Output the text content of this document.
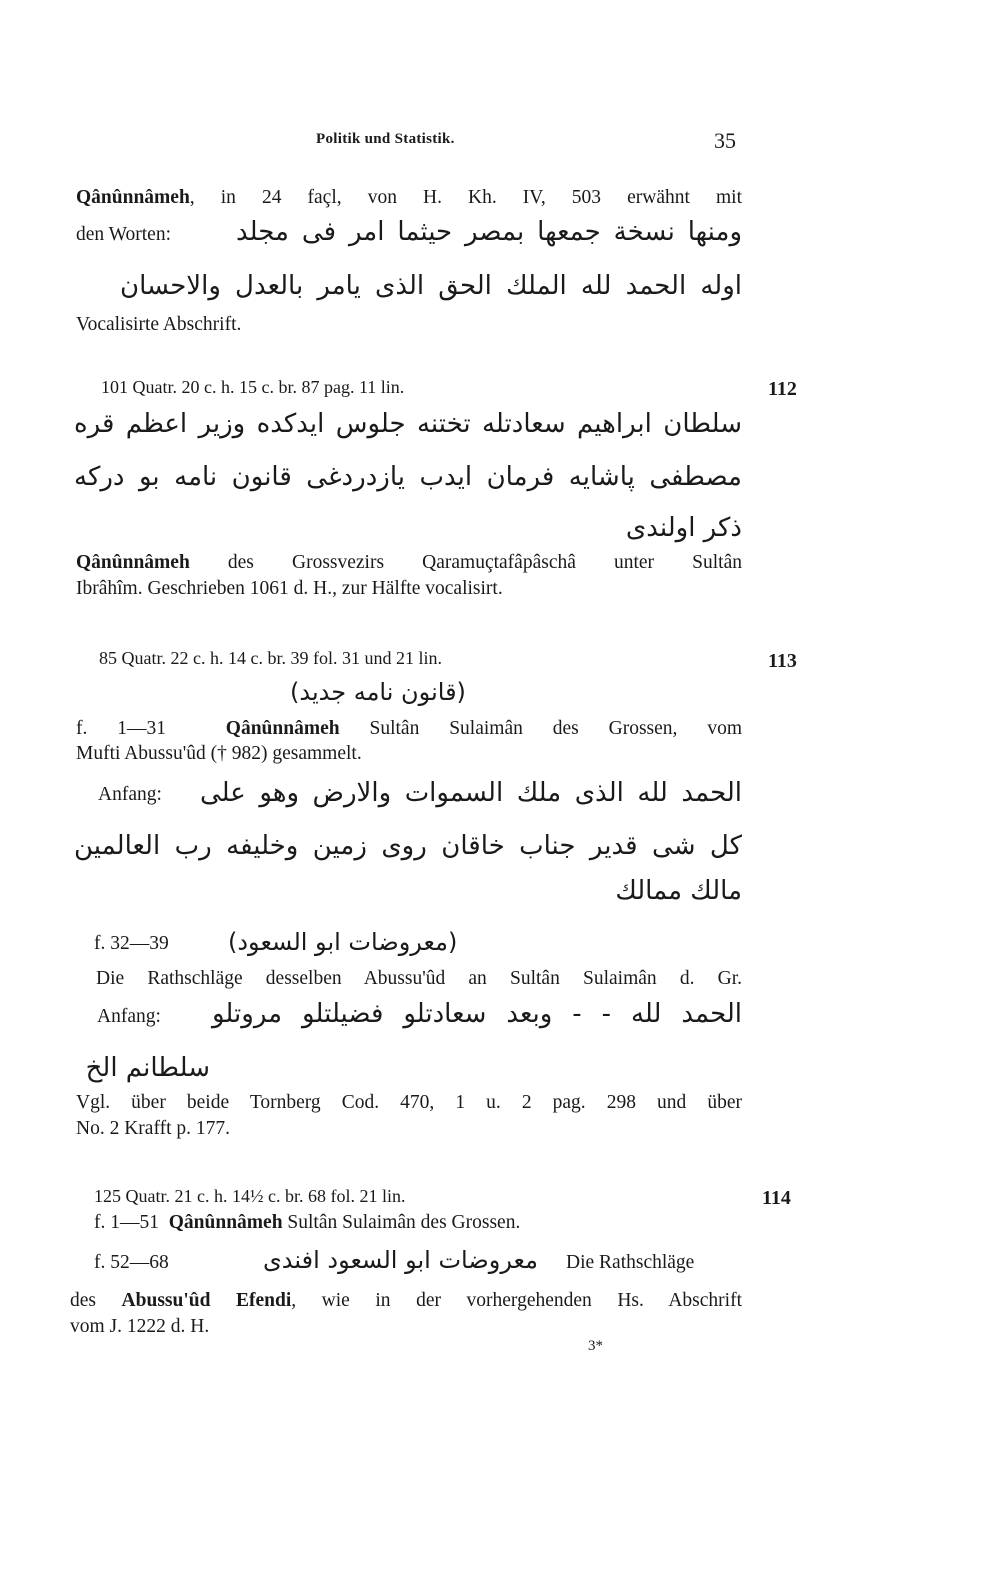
Politik und Statistik.	35
Qânûnnâmeh, in 24 façl, von H. Kh. IV, 503 erwähnt mit
den Worten: ومنها نسخة جمعها بمصر حيثما امر فى مجلد
اوله الحمد لله الملك الحق الذى يامر بالعدل والاحسان
Vocalisirte Abschrift.
101 Quatr. 20 c. h. 15 c. br. 87 pag. 11 lin.	112
سلطان ابراهيم سعادتله تختنه جلوس ايدكده وزير اعظم قره
مصطفى پاشايه فرمان ايدب يازدردغى قانون نامه بو دركه
ذكر اولندى
Qânûnnâmeh des Grossvezirs Qaramuçtafâpâschâ unter Sultân
Ibrâhîm. Geschrieben 1061 d. H., zur Hälfte vocalisirt.
85 Quatr. 22 c. h. 14 c. br. 39 fol. 31 und 21 lin.	113
(قانون نامه جديد)
f. 1—31	Qânûnnâmeh Sultân Sulaimân des Grossen, vom
Mufti Abussu'ûd († 982) gesammelt.
Anfang: الحمد لله الذى ملك السموات والارض وهو على
كل شى قدير جناب خاقان روى زمين وخليفه رب العالمين
مالك ممالك
f. 32—39 (معروضات ابو السعود)
Die Rathschläge desselben Abussu'ûd an Sultân Sulaimân d. Gr.
Anfang: الحمد لله - - وبعد سعادتلو فضيلتلو مروتلو
سلطانم الخ
Vgl. über beide Tornberg Cod. 470, 1 u. 2 pag. 298 und über
No. 2 Krafft p. 177.
125 Quatr. 21 c. h. 14½ c. br. 68 fol. 21 lin.	114
f. 1—51 Qânûnnâmeh Sultân Sulaimân des Grossen.
f. 52—68	معروضات ابو السعود افندى Die Rathschläge
des Abussu'ûd Efendi, wie in der vorhergehenden Hs. Abschrift
vom J. 1222 d. H.
3*
